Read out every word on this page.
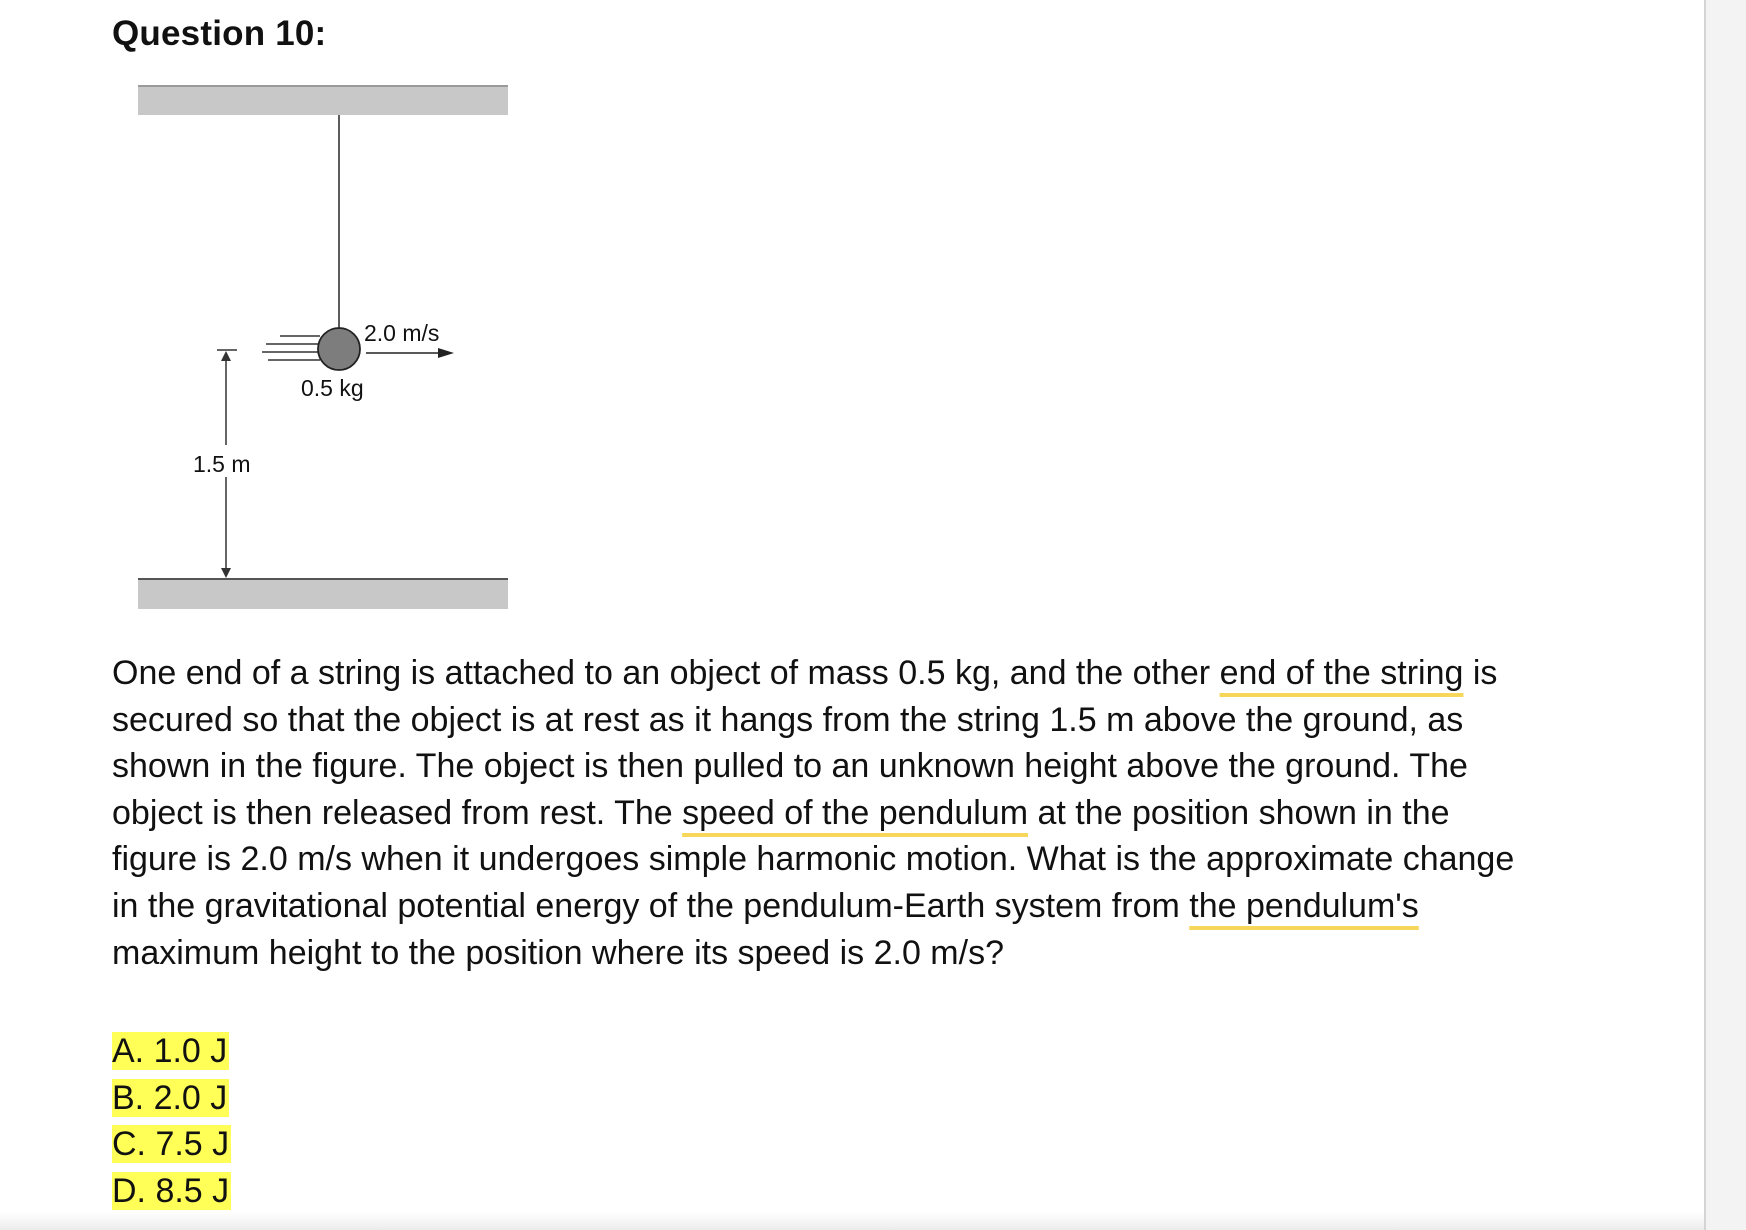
Question 10:
2.0 m/s
0.5 kg
1.5 m

One end of a string is attached to an object of mass 0.5 kg, and the other end of the string is secured so that the object is at rest as it hangs from the string 1.5 m above the ground, as shown in the figure. The object is then pulled to an unknown height above the ground. The object is then released from rest. The speed of the pendulum at the position shown in the figure is 2.0 m/s when it undergoes simple harmonic motion. What is the approximate change in the gravitational potential energy of the pendulum-Earth system from the pendulum's maximum height to the position where its speed is 2.0 m/s?

A. 1.0 J
B. 2.0 J
C. 7.5 J
D. 8.5 J
